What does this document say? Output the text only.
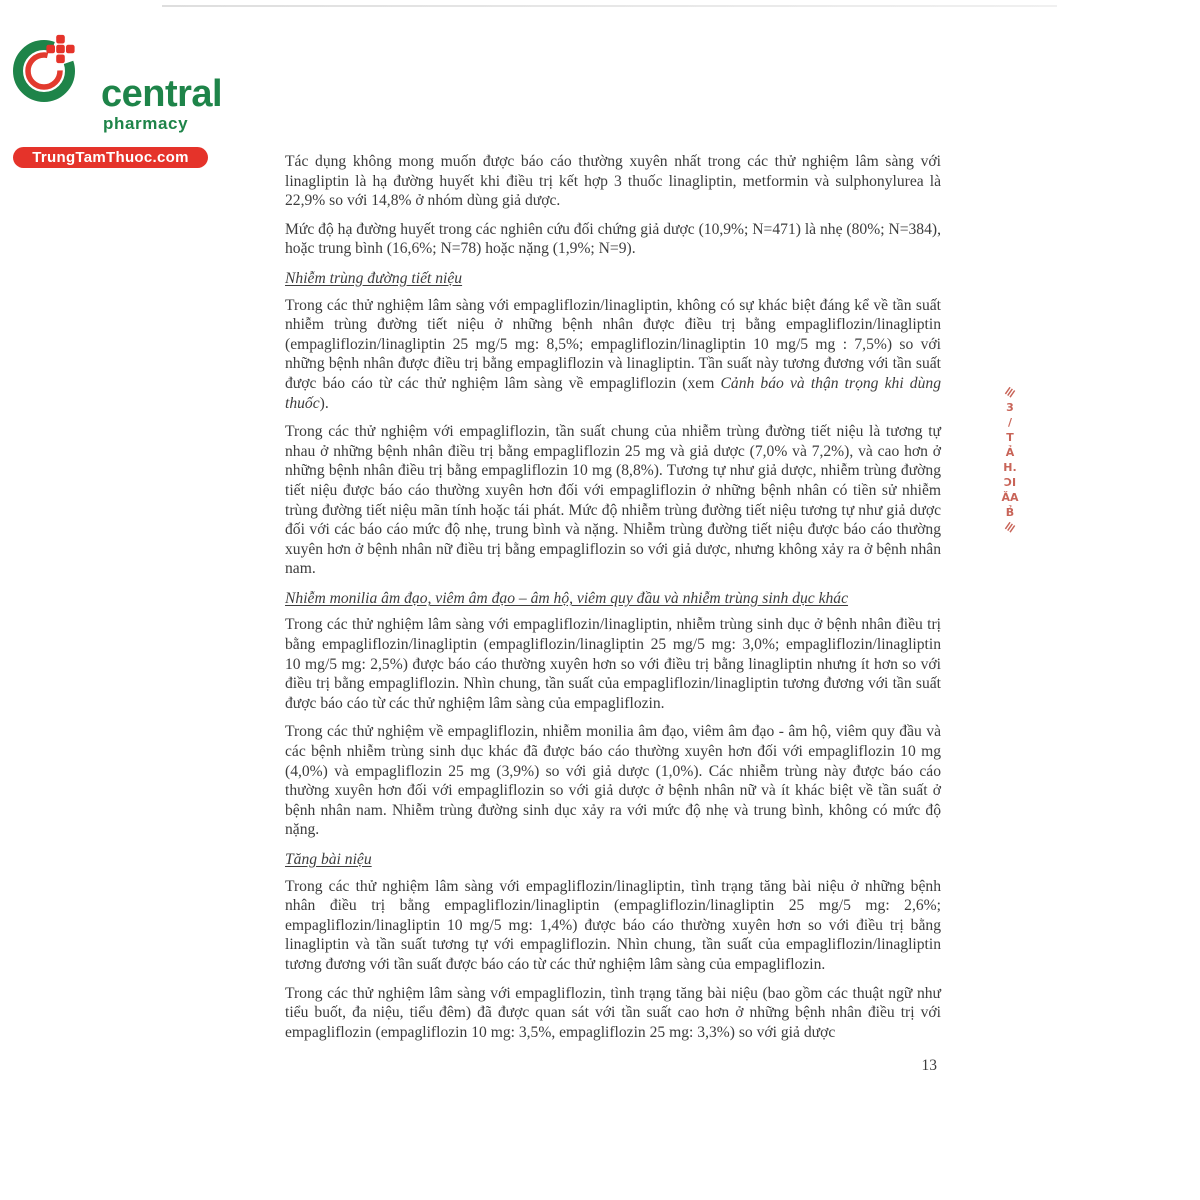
central
pharmacy
TrungTamThuoc.com	Tác dụng không mong muốn được báo cáo thường xuyên nhất trong các thử nghiệm lâm sàng với linagliptin là hạ đường huyết khi điều trị kết hợp 3 thuốc linagliptin, metformin và sulphonylurea là 22,9% so với 14,8% ở nhóm dùng giả dược.

Mức độ hạ đường huyết trong các nghiên cứu đối chứng giả dược (10,9%; N=471) là nhẹ (80%; N=384), hoặc trung bình (16,6%; N=78) hoặc nặng (1,9%; N=9).

Nhiễm trùng đường tiết niệu

Trong các thử nghiệm lâm sàng với empagliflozin/linagliptin, không có sự khác biệt đáng kể về tần suất nhiễm trùng đường tiết niệu ở những bệnh nhân được điều trị bằng empagliflozin/linagliptin (empagliflozin/linagliptin 25 mg/5 mg: 8,5%; empagliflozin/linagliptin 10 mg/5 mg : 7,5%) so với những bệnh nhân được điều trị bằng empagliflozin và linagliptin. Tần suất này tương đương với tần suất được báo cáo từ các thử nghiệm lâm sàng về empagliflozin (xem Cảnh báo và thận trọng khi dùng thuốc).

Trong các thử nghiệm với empagliflozin, tần suất chung của nhiễm trùng đường tiết niệu là tương tự nhau ở những bệnh nhân điều trị bằng empagliflozin 25 mg và giả dược (7,0% và 7,2%), và cao hơn ở những bệnh nhân điều trị bằng empagliflozin 10 mg (8,8%). Tương tự như giả dược, nhiễm trùng đường tiết niệu được báo cáo thường xuyên hơn đối với empagliflozin ở những bệnh nhân có tiền sử nhiễm trùng đường tiết niệu mãn tính hoặc tái phát. Mức độ nhiễm trùng đường tiết niệu tương tự như giả dược đối với các báo cáo mức độ nhẹ, trung bình và nặng. Nhiễm trùng đường tiết niệu được báo cáo thường xuyên hơn ở bệnh nhân nữ điều trị bằng empagliflozin so với giả dược, nhưng không xảy ra ở bệnh nhân nam.

Nhiễm monilia âm đạo, viêm âm đạo – âm hộ, viêm quy đầu và nhiễm trùng sinh dục khác

Trong các thử nghiệm lâm sàng với empagliflozin/linagliptin, nhiễm trùng sinh dục ở bệnh nhân điều trị bằng empagliflozin/linagliptin (empagliflozin/linagliptin 25 mg/5 mg: 3,0%; empagliflozin/linagliptin 10 mg/5 mg: 2,5%) được báo cáo thường xuyên hơn so với điều trị bằng linagliptin nhưng ít hơn so với điều trị bằng empagliflozin. Nhìn chung, tần suất của empagliflozin/linagliptin tương đương với tần suất được báo cáo từ các thử nghiệm lâm sàng của empagliflozin.

Trong các thử nghiệm về empagliflozin, nhiễm monilia âm đạo, viêm âm đạo - âm hộ, viêm quy đầu và các bệnh nhiễm trùng sinh dục khác đã được báo cáo thường xuyên hơn đối với empagliflozin 10 mg (4,0%) và empagliflozin 25 mg (3,9%) so với giả dược (1,0%). Các nhiễm trùng này được báo cáo thường xuyên hơn đối với empagliflozin so với giả dược ở bệnh nhân nữ và ít khác biệt về tần suất ở bệnh nhân nam. Nhiễm trùng đường sinh dục xảy ra với mức độ nhẹ và trung bình, không có mức độ nặng.

Tăng bài niệu

Trong các thử nghiệm lâm sàng với empagliflozin/linagliptin, tình trạng tăng bài niệu ở những bệnh nhân điều trị bằng empagliflozin/linagliptin (empagliflozin/linagliptin 25 mg/5 mg: 2,6%; empagliflozin/linagliptin 10 mg/5 mg: 1,4%) được báo cáo thường xuyên hơn so với điều trị bằng linagliptin và tần suất tương tự với empagliflozin. Nhìn chung, tần suất của empagliflozin/linagliptin tương đương với tần suất được báo cáo từ các thử nghiệm lâm sàng của empagliflozin.

Trong các thử nghiệm lâm sàng với empagliflozin, tình trạng tăng bài niệu (bao gồm các thuật ngữ như tiểu buốt, đa niệu, tiểu đêm) đã được quan sát với tần suất cao hơn ở những bệnh nhân điều trị với empagliflozin (empagliflozin 10 mg: 3,5%, empagliflozin 25 mg: 3,3%) so với giả dược

13
≡
3
/
T
Ả
H.
ƆI
ǍA
B̉
≡
